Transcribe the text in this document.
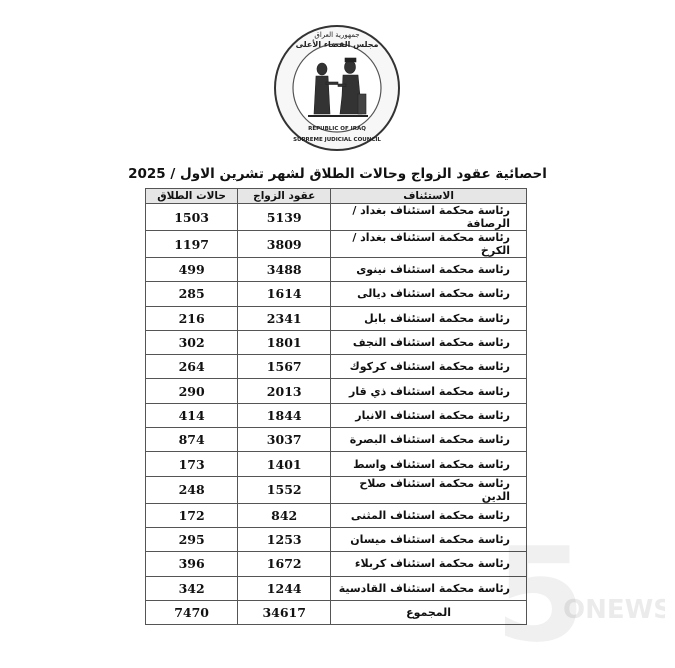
جمهورية العراق
مجلس القضاء الأعلى
REPUBLIC OF IRAQ
SUPREME JUDICIAL COUNCIL
احصائية عقود الزواج وحالات الطلاق لشهر تشرين الاول / 2025
الاستئناف	عقود الزواج	حالات الطلاق
رئاسة محكمة استئناف بغداد / الرصافة	5139	1503
رئاسة محكمة استئناف بغداد / الكرخ	3809	1197
رئاسة محكمة استئناف نينوى	3488	499
رئاسة محكمة استئناف ديالى	1614	285
رئاسة محكمة استئناف بابل	2341	216
رئاسة محكمة استئناف النجف	1801	302
رئاسة محكمة استئناف كركوك	1567	264
رئاسة محكمة استئناف ذي قار	2013	290
رئاسة محكمة استئناف الانبار	1844	414
رئاسة محكمة استئناف البصرة	3037	874
رئاسة محكمة استئناف واسط	1401	173
رئاسة محكمة استئناف صلاح الدين	1552	248
رئاسة محكمة استئناف المثنى	842	172
رئاسة محكمة استئناف ميسان	1253	295
رئاسة محكمة استئناف كربلاء	1672	396
رئاسة محكمة استئناف القادسية	1244	342
المجموع	34617	7470 5
ONEWS
